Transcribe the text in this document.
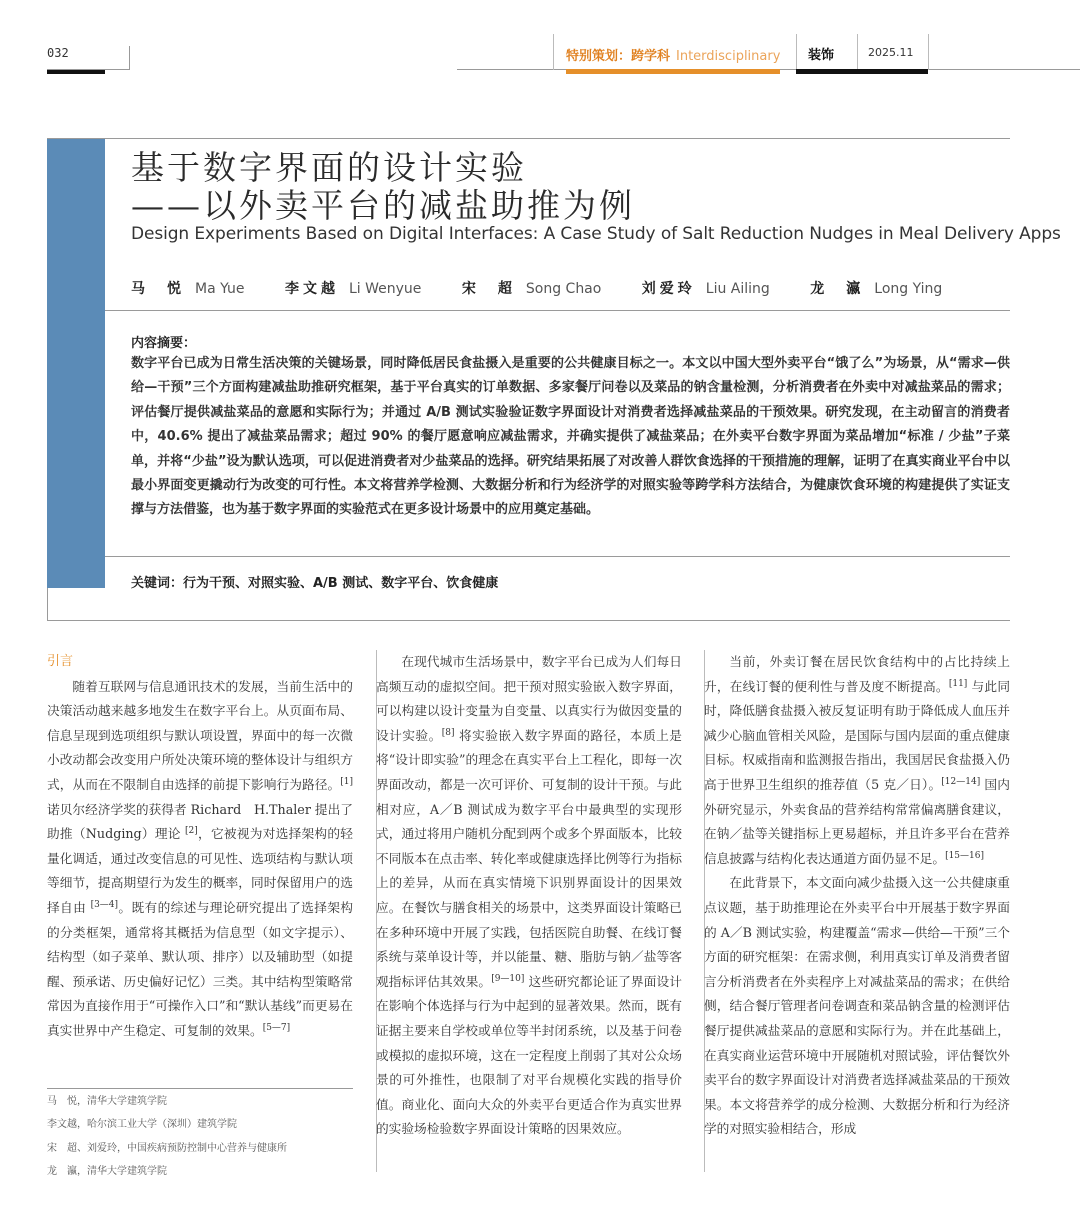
032	特别策划：跨学科 Interdisciplinary 装饰	2025.11
基于数字界面的设计实验
——以外卖平台的减盐助推为例
Design Experiments Based on Digital Interfaces: A Case Study of Salt Reduction Nudges in Meal Delivery Apps
马　悦 Ma Yue	李文越 Li Wenyue	宋　超 Song Chao	刘爱玲 Liu Ailing	龙　瀛 Long Ying
内容摘要：
数字平台已成为日常生活决策的关键场景，同时降低居民食盐摄入是重要的公共健康目标之一。本文以中国大型外卖平台“饿了么”为场景，从“需求—供给—干预”三个方面构建减盐助推研究框架，基于平台真实的订单数据、多家餐厅问卷以及菜品的钠含量检测，分析消费者在外卖中对减盐菜品的需求；评估餐厅提供减盐菜品的意愿和实际行为；并通过 A/B 测试实验验证数字界面设计对消费者选择减盐菜品的干预效果。研究发现，在主动留言的消费者中，40.6% 提出了减盐菜品需求；超过 90% 的餐厅愿意响应减盐需求，并确实提供了减盐菜品；在外卖平台数字界面为菜品增加“标准 / 少盐”子菜单，并将“少盐”设为默认选项，可以促进消费者对少盐菜品的选择。研究结果拓展了对改善人群饮食选择的干预措施的理解，证明了在真实商业平台中以最小界面变更撬动行为改变的可行性。本文将营养学检测、大数据分析和行为经济学的对照实验等跨学科方法结合，为健康饮食环境的构建提供了实证支撑与方法借鉴，也为基于数字界面的实验范式在更多设计场景中的应用奠定基础。
关键词：行为干预、对照实验、A/B 测试、数字平台、饮食健康
引言

随着互联网与信息通讯技术的发展，当前生活中的决策活动越来越多地发生在数字平台上。从页面布局、信息呈现到选项组织与默认项设置，界面中的每一次微小改动都会改变用户所处决策环境的整体设计与组织方式，从而在不限制自由选择的前提下影响行为路径。[1] 诺贝尔经济学奖的获得者 Richard　H.Thaler 提出了助推（Nudging）理论 [2]，它被视为对选择架构的轻量化调适，通过改变信息的可见性、选项结构与默认项等细节，提高期望行为发生的概率，同时保留用户的选择自由 [3—4]。既有的综述与理论研究提出了选择架构的分类框架，通常将其概括为信息型（如文字提示）、结构型（如子菜单、默认项、排序）以及辅助型（如提醒、预承诺、历史偏好记忆）三类。其中结构型策略常常因为直接作用于“可操作入口”和“默认基线”而更易在真实世界中产生稳定、可复制的效果。[5—7]

在现代城市生活场景中，数字平台已成为人们每日高频互动的虚拟空间。把干预对照实验嵌入数字界面，可以构建以设计变量为自变量、以真实行为做因变量的设计实验。[8] 将实验嵌入数字界面的路径，本质上是将“设计即实验”的理念在真实平台上工程化，即每一次界面改动，都是一次可评价、可复制的设计干预。与此相对应，A／B 测试成为数字平台中最典型的实现形式，通过将用户随机分配到两个或多个界面版本，比较不同版本在点击率、转化率或健康选择比例等行为指标上的差异，从而在真实情境下识别界面设计的因果效应。在餐饮与膳食相关的场景中，这类界面设计策略已在多种环境中开展了实践，包括医院自助餐、在线订餐系统与菜单设计等，并以能量、糖、脂肪与钠／盐等客观指标评估其效果。[9—10] 这些研究都论证了界面设计在影响个体选择与行为中起到的显著效果。然而，既有证据主要来自学校或单位等半封闭系统，以及基于问卷或模拟的虚拟环境，这在一定程度上削弱了其对公众场景的可外推性，也限制了对平台规模化实践的指导价值。商业化、面向大众的外卖平台更适合作为真实世界的实验场检验数字界面设计策略的因果效应。

当前，外卖订餐在居民饮食结构中的占比持续上升，在线订餐的便利性与普及度不断提高。[11] 与此同时，降低膳食盐摄入被反复证明有助于降低成人血压并减少心脑血管相关风险，是国际与国内层面的重点健康目标。权威指南和监测报告指出，我国居民食盐摄入仍高于世界卫生组织的推荐值（5 克／日）。[12—14] 国内外研究显示，外卖食品的营养结构常常偏离膳食建议，在钠／盐等关键指标上更易超标，并且许多平台在营养信息披露与结构化表达通道方面仍显不足。[15—16]

在此背景下，本文面向减少盐摄入这一公共健康重点议题，基于助推理论在外卖平台中开展基于数字界面的 A／B 测试实验，构建覆盖“需求—供给—干预”三个方面的研究框架：在需求侧，利用真实订单及消费者留言分析消费者在外卖程序上对减盐菜品的需求；在供给侧，结合餐厅管理者问卷调查和菜品钠含量的检测评估餐厅提供减盐菜品的意愿和实际行为。并在此基础上，在真实商业运营环境中开展随机对照试验，评估餐饮外卖平台的数字界面设计对消费者选择减盐菜品的干预效果。本文将营养学的成分检测、大数据分析和行为经济学的对照实验相结合，形成

马　悦，清华大学建筑学院
李文越，哈尔滨工业大学（深圳）建筑学院
宋　超、刘爱玲，中国疾病预防控制中心营养与健康所
龙　瀛，清华大学建筑学院
